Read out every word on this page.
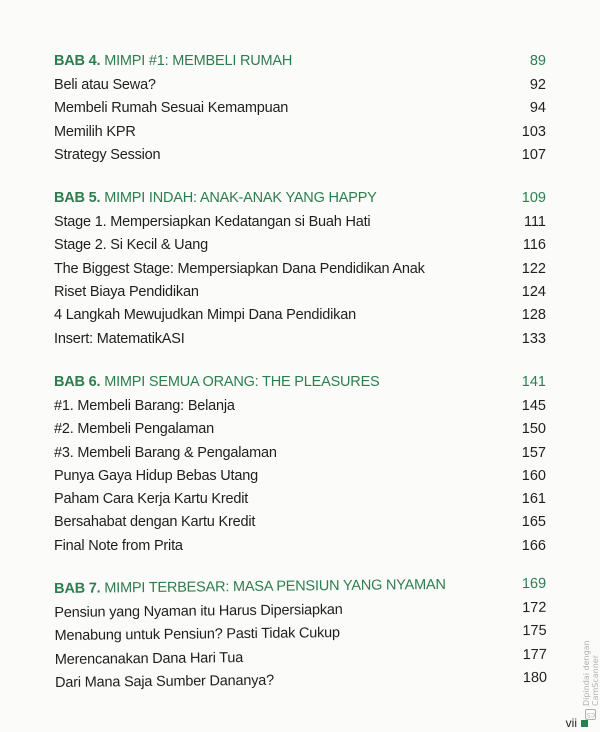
BAB 4. MIMPI #1: MEMBELI RUMAH	89
Beli atau Sewa?	92
Membeli Rumah Sesuai Kemampuan	94
Memilih KPR	103
Strategy Session	107
BAB 5. MIMPI INDAH: ANAK-ANAK YANG HAPPY	109
Stage 1. Mempersiapkan Kedatangan si Buah Hati	111
Stage 2. Si Kecil & Uang	116
The Biggest Stage: Mempersiapkan Dana Pendidikan Anak	122
Riset Biaya Pendidikan	124
4 Langkah Mewujudkan Mimpi Dana Pendidikan	128
Insert: MatematikASI	133
BAB 6. MIMPI SEMUA ORANG: THE PLEASURES	141
#1. Membeli Barang: Belanja	145
#2. Membeli Pengalaman	150
#3. Membeli Barang & Pengalaman	157
Punya Gaya Hidup Bebas Utang	160
Paham Cara Kerja Kartu Kredit	161
Bersahabat dengan Kartu Kredit	165
Final Note from Prita	166
BAB 7. MIMPI TERBESAR: MASA PENSIUN YANG NYAMAN	169
Pensiun yang Nyaman itu Harus Dipersiapkan	172
Menabung untuk Pensiun? Pasti Tidak Cukup	175
Merencanakan Dana Hari Tua	177
Dari Mana Saja Sumber Dananya?	180
CS
Dipindai dengan CamScanner
vii
